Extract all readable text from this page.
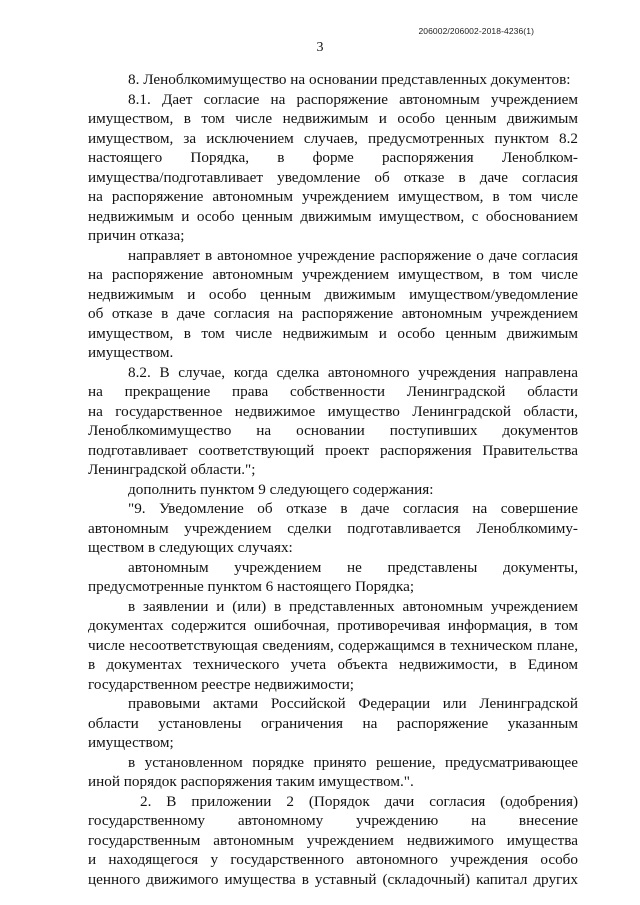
206002/206002-2018-4236(1)
3
8. Леноблкомимущество на основании представленных документов:
8.1. Дает согласие на распоряжение автономным учреждением
имуществом, в том числе недвижимым и особо ценным движимым
имуществом, за исключением случаев, предусмотренных пунктом 8.2
настоящего Порядка, в форме распоряжения Леноблком-
имущества/подготавливает уведомление об отказе в даче согласия
на распоряжение автономным учреждением имуществом, в том числе
недвижимым и особо ценным движимым имуществом, с обоснованием
причин отказа;
направляет в автономное учреждение распоряжение о даче согласия
на распоряжение автономным учреждением имуществом, в том числе
недвижимым и особо ценным движимым имуществом/уведомление
об отказе в даче согласия на распоряжение автономным учреждением
имуществом, в том числе недвижимым и особо ценным движимым
имуществом.
8.2. В случае, когда сделка автономного учреждения направлена
на прекращение права собственности Ленинградской области
на государственное недвижимое имущество Ленинградской области,
Леноблкомимущество на основании поступивших документов
подготавливает соответствующий проект распоряжения Правительства
Ленинградской области.";
дополнить пунктом 9 следующего содержания:
"9. Уведомление об отказе в даче согласия на совершение
автономным учреждением сделки подготавливается Леноблкомиму-
ществом в следующих случаях:
автономным учреждением не представлены документы,
предусмотренные пунктом 6 настоящего Порядка;
в заявлении и (или) в представленных автономным учреждением
документах содержится ошибочная, противоречивая информация, в том
числе несоответствующая сведениям, содержащимся в техническом плане,
в документах технического учета объекта недвижимости, в Едином
государственном реестре недвижимости;
правовыми актами Российской Федерации или Ленинградской
области установлены ограничения на распоряжение указанным
имуществом;
в установленном порядке принято решение, предусматривающее
иной порядок распоряжения таким имуществом.".
2. В приложении 2 (Порядок дачи согласия (одобрения)
государственному автономному учреждению на внесение
государственным автономным учреждением недвижимого имущества
и находящегося у государственного автономного учреждения особо
ценного движимого имущества в уставный (складочный) капитал других
